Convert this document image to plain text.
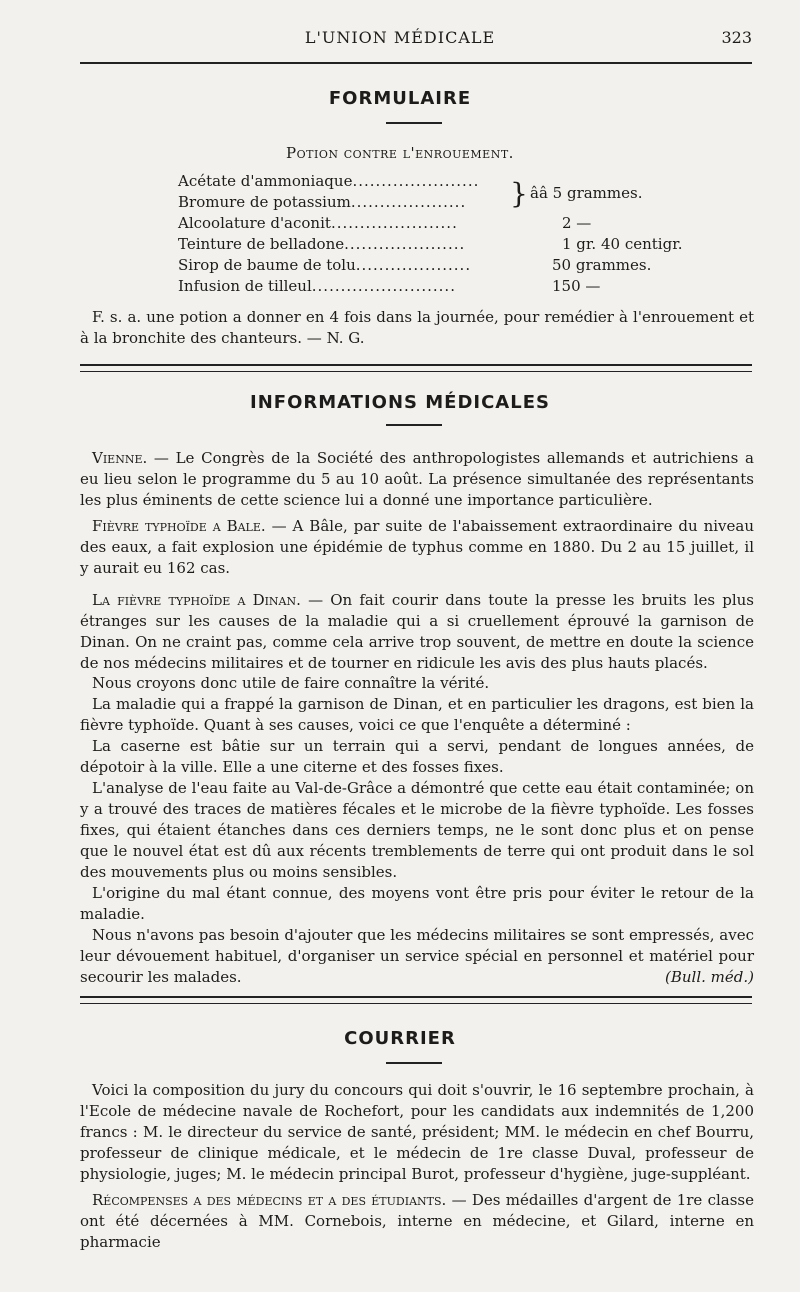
L'UNION MÉDICALE	323
FORMULAIRE
Potion contre l'enrouement.
Acétate d'ammoniaque......................
Bromure de potassium.................... } ââ 5 grammes.
Alcoolature d'aconit......................	2 —
Teinture de belladone.....................	1 gr. 40 centigr.
Sirop de baume de tolu....................	50 grammes.
Infusion de tilleul.........................	150 —
F. s. a. une potion a donner en 4 fois dans la journée, pour remédier à l'enrouement et à la bronchite des chanteurs. — N. G.
INFORMATIONS MÉDICALES
Vienne. — Le Congrès de la Société des anthropologistes allemands et autrichiens a eu lieu selon le programme du 5 au 10 août. La présence simultanée des représentants les plus éminents de cette science lui a donné une importance particulière.
Fièvre typhoïde a Bale. — A Bâle, par suite de l'abaissement extraordinaire du niveau des eaux, a fait explosion une épidémie de typhus comme en 1880. Du 2 au 15 juillet, il y aurait eu 162 cas.
La fièvre typhoïde a Dinan. — On fait courir dans toute la presse les bruits les plus étranges sur les causes de la maladie qui a si cruellement éprouvé la garnison de Dinan. On ne craint pas, comme cela arrive trop souvent, de mettre en doute la science de nos médecins militaires et de tourner en ridicule les avis des plus hauts placés.
Nous croyons donc utile de faire connaître la vérité.
La maladie qui a frappé la garnison de Dinan, et en particulier les dragons, est bien la fièvre typhoïde. Quant à ses causes, voici ce que l'enquête a déterminé :
La caserne est bâtie sur un terrain qui a servi, pendant de longues années, de dépotoir à la ville. Elle a une citerne et des fosses fixes.
L'analyse de l'eau faite au Val-de-Grâce a démontré que cette eau était contaminée; on y a trouvé des traces de matières fécales et le microbe de la fièvre typhoïde. Les fosses fixes, qui étaient étanches dans ces derniers temps, ne le sont donc plus et on pense que le nouvel état est dû aux récents tremblements de terre qui ont produit dans le sol des mouvements plus ou moins sensibles.
L'origine du mal étant connue, des moyens vont être pris pour éviter le retour de la maladie.
Nous n'avons pas besoin d'ajouter que les médecins militaires se sont empressés, avec leur dévouement habituel, d'organiser un service spécial en personnel et matériel pour secourir les malades.	(Bull. méd.)
COURRIER
Voici la composition du jury du concours qui doit s'ouvrir, le 16 septembre prochain, à l'Ecole de médecine navale de Rochefort, pour les candidats aux indemnités de 1,200 francs : M. le directeur du service de santé, président; MM. le médecin en chef Bourru, professeur de clinique médicale, et le médecin de 1re classe Duval, professeur de physiologie, juges; M. le médecin principal Burot, professeur d'hygiène, juge-suppléant.
Récompenses a des médecins et a des étudiants. — Des médailles d'argent de 1re classe ont été décernées à MM. Cornebois, interne en médecine, et Gilard, interne en pharmacie
